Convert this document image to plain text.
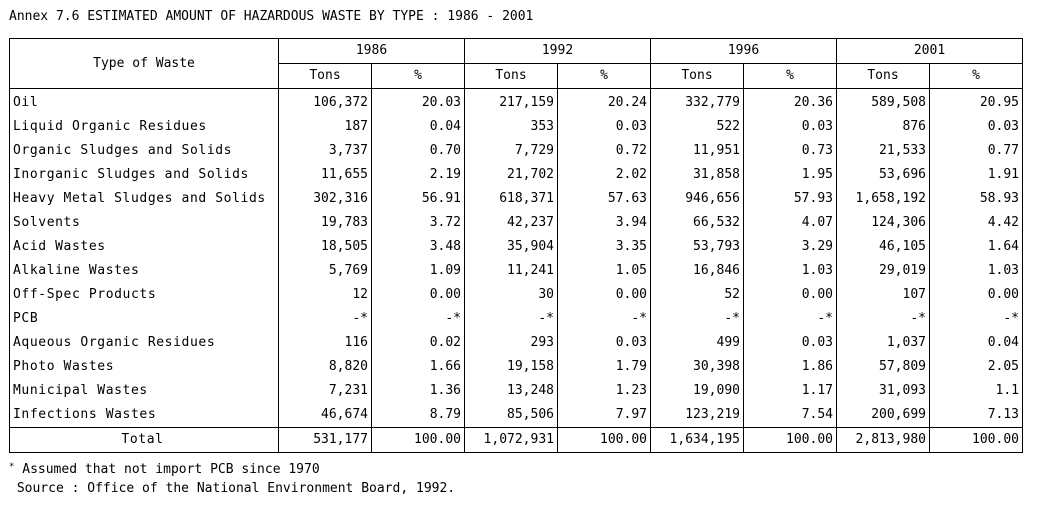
Annex 7.6 ESTIMATED AMOUNT OF HAZARDOUS WASTE BY TYPE : 1986 - 2001
Type of Waste	1986		1992		1996		2001	
	Tons	%	Tons	%	Tons	%	Tons	%
Oil	106,372	20.03	217,159	20.24	332,779	20.36	589,508	20.95
Liquid Organic Residues	187	0.04	353	0.03	522	0.03	876	0.03
Organic Sludges and Solids	3,737	0.70	7,729	0.72	11,951	0.73	21,533	0.77
Inorganic Sludges and Solids	11,655	2.19	21,702	2.02	31,858	1.95	53,696	1.91
Heavy Metal Sludges and Solids	302,316	56.91	618,371	57.63	946,656	57.93	1,658,192	58.93
Solvents	19,783	3.72	42,237	3.94	66,532	4.07	124,306	4.42
Acid Wastes	18,505	3.48	35,904	3.35	53,793	3.29	46,105	1.64
Alkaline Wastes	5,769	1.09	11,241	1.05	16,846	1.03	29,019	1.03
Off-Spec Products	12	0.00	30	0.00	52	0.00	107	0.00
PCB	-*	-*	-*	-*	-*	-*	-*	-*
Aqueous Organic Residues	116	0.02	293	0.03	499	0.03	1,037	0.04
Photo Wastes	8,820	1.66	19,158	1.79	30,398	1.86	57,809	2.05
Municipal Wastes	7,231	1.36	13,248	1.23	19,090	1.17	31,093	1.1
Infections Wastes	46,674	8.79	85,506	7.97	123,219	7.54	200,699	7.13
Total	531,177	100.00	1,072,931	100.00	1,634,195	100.00	2,813,980	100.00
* Assumed that not import PCB since 1970
Source : Office of the National Environment Board, 1992.
